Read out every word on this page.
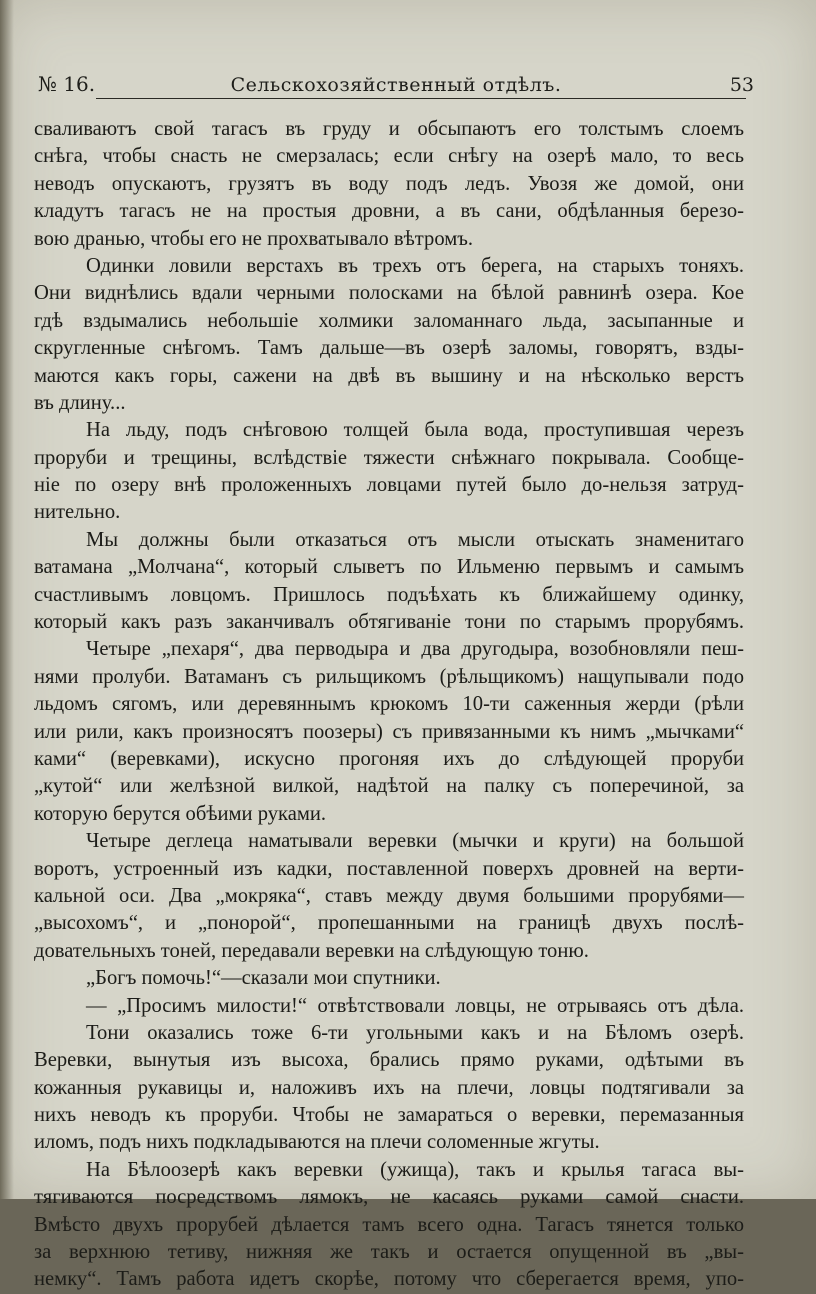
№ 16.	Сельскохозяйственный отдѣлъ.	53
сваливаютъ свой тагасъ въ груду и обсыпаютъ его толстымъ слоемъ
снѣга, чтобы снасть не смерзалась; если снѣгу на озерѣ мало, то весь
неводъ опускаютъ, грузятъ въ воду подъ ледъ. Увозя же домой, они
кладутъ тагасъ не на простыя дровни, а въ сани, обдѣланныя березо-
вою дранью, чтобы его не прохватывало вѣтромъ.
Одинки ловили верстахъ въ трехъ отъ берега, на старыхъ тоняхъ.
Они виднѣлись вдали черными полосками на бѣлой равнинѣ озера. Кое
гдѣ вздымались небольшіе холмики заломаннаго льда, засыпанные и
скругленные снѣгомъ. Тамъ дальше—въ озерѣ заломы, говорятъ, взды-
маются какъ горы, сажени на двѣ въ вышину и на нѣсколько верстъ
въ длину...
На льду, подъ снѣговою толщей была вода, проступившая черезъ
проруби и трещины, вслѣдствіе тяжести снѣжнаго покрывала. Сообще-
ніе по озеру внѣ проложенныхъ ловцами путей было до-нельзя затруд-
нительно.
Мы должны были отказаться отъ мысли отыскать знаменитаго
ватамана „Молчана“, который слыветъ по Ильменю первымъ и самымъ
счастливымъ ловцомъ. Пришлось подъѣхать къ ближайшему одинку,
который какъ разъ заканчивалъ обтягиваніе тони по старымъ прорубямъ.
Четыре „пехаря“, два перводыра и два другодыра, возобновляли пеш-
нями пролуби. Ватаманъ съ рильщикомъ (рѣльщикомъ) нащупывали подо
льдомъ сягомъ, или деревяннымъ крюкомъ 10-ти саженныя жерди (рѣли
или рили, какъ произносятъ поозеры) съ привязанными къ нимъ „мычками“
ками“ (веревками), искусно прогоняя ихъ до слѣдующей проруби
„кутой“ или желѣзной вилкой, надѣтой на палку съ поперечиной, за
которую берутся обѣими руками.
Четыре деглеца наматывали веревки (мычки и круги) на большой
воротъ, устроенный изъ кадки, поставленной поверхъ дровней на верти-
кальной оси. Два „мокряка“, ставъ между двумя большими прорубями—
„высохомъ“, и „понорой“, пропешанными на границѣ двухъ послѣ-
довательныхъ тоней, передавали веревки на слѣдующую тоню.
„Богъ помочь!“—сказали мои спутники.
— „Просимъ милости!“ отвѣтствовали ловцы, не отрываясь отъ дѣла.
Тони оказались тоже 6-ти угольными какъ и на Бѣломъ озерѣ.
Веревки, вынутыя изъ высоха, брались прямо руками, одѣтыми въ
кожанныя рукавицы и, наложивъ ихъ на плечи, ловцы подтягивали за
нихъ неводъ къ проруби. Чтобы не замараться о веревки, перемазанныя
иломъ, подъ нихъ подкладываются на плечи соломенные жгуты.
На Бѣлоозерѣ какъ веревки (ужища), такъ и крылья тагаса вы-
тягиваются посредствомъ лямокъ, не касаясь руками самой снасти.
Вмѣсто двухъ прорубей дѣлается тамъ всего одна. Тагасъ тянется только
за верхнюю тетиву, нижняя же такъ и остается опущенной въ „вы-
немку“. Тамъ работа идетъ скорѣе, потому что сберегается время, упо-
